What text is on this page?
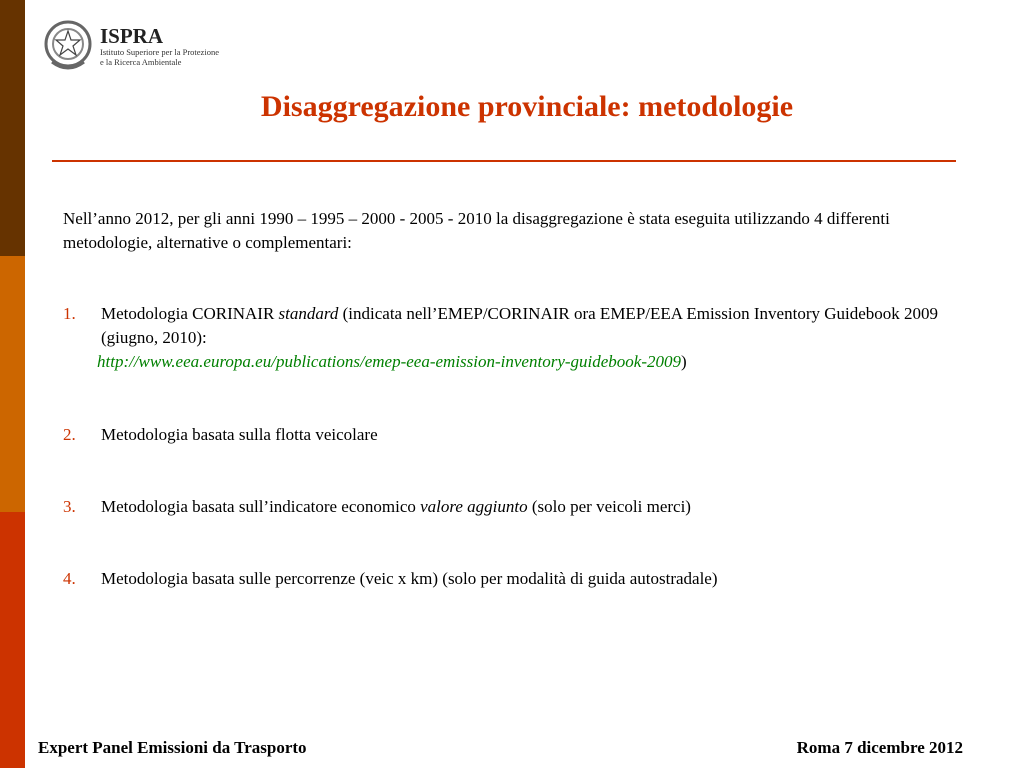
ISPRA
Istituto Superiore per la Protezione
e la Ricerca Ambientale
Disaggregazione provinciale: metodologie
Nell’anno 2012, per gli anni 1990 – 1995 – 2000 - 2005 - 2010 la disaggregazione è stata eseguita utilizzando 4 differenti metodologie, alternative o complementari:
1. Metodologia CORINAIR standard (indicata nell’EMEP/CORINAIR ora EMEP/EEA Emission Inventory Guidebook 2009 (giugno, 2010):
http://www.eea.europa.eu/publications/emep-eea-emission-inventory-guidebook-2009)
2. Metodologia basata sulla flotta veicolare
3. Metodologia basata sull’indicatore economico valore aggiunto (solo per veicoli merci)
4. Metodologia basata sulle percorrenze (veic x km) (solo per modalità di guida autostradale)
Expert Panel Emissioni da Trasporto	Roma 7 dicembre 2012
